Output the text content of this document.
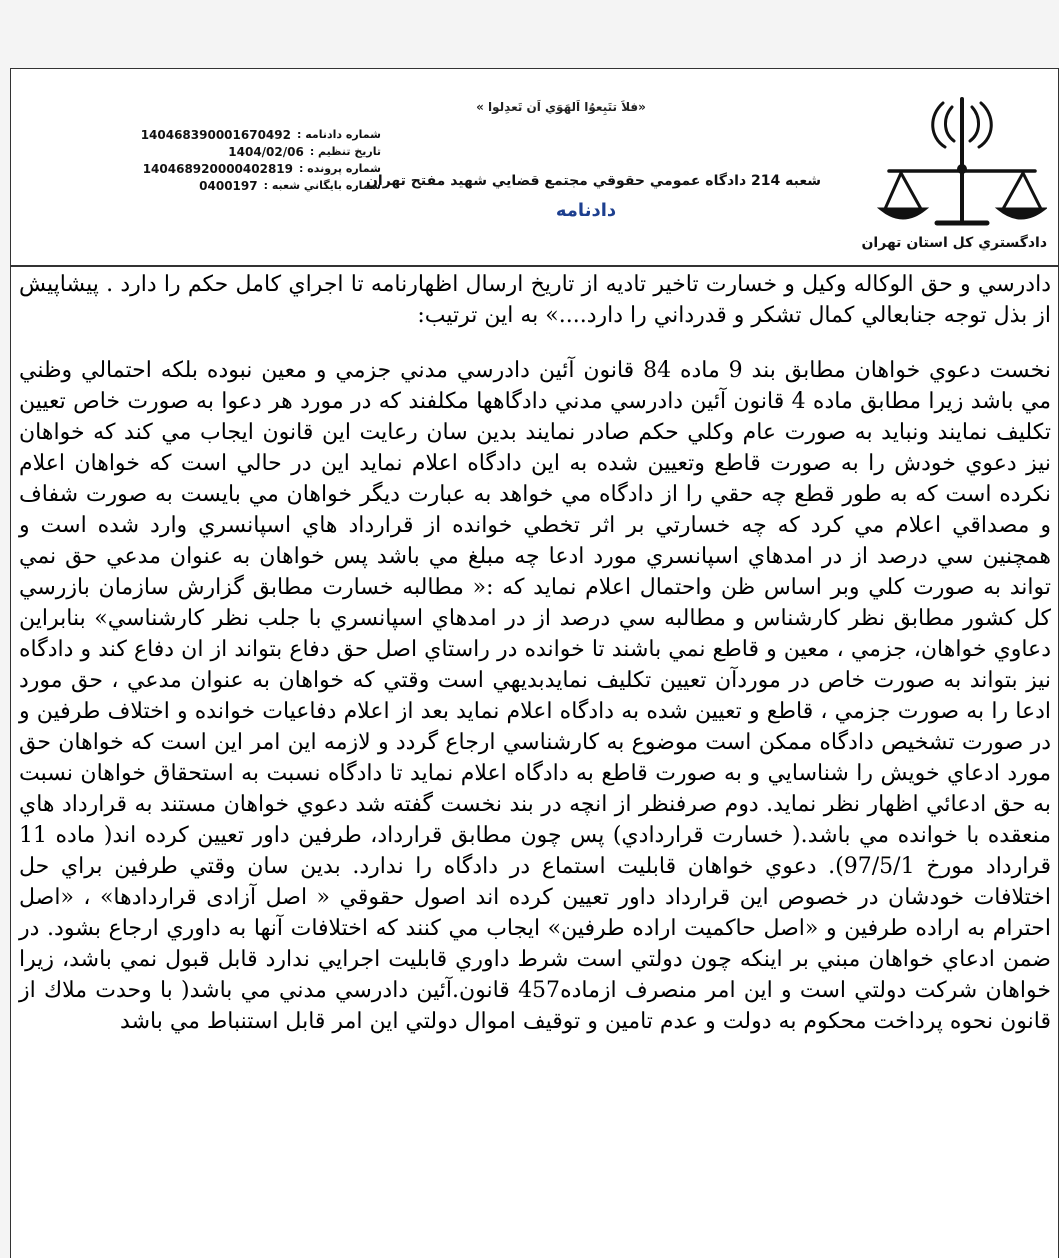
دادگستري کل استان تهران
«فلاَ تتَبِعوُا اَلهَوَي اَن تَعدِلوا »
شعبه 214 دادگاه عمومي حقوقي مجتمع قضايي شهيد مفتح تهران
دادنامه
شماره دادنامه :
140468390001670492
تاريخ تنظيم :
1404/02/06
شماره پرونده :
140468920000402819
شماره بايگاني شعبه :
0400197

دادرسي و حق الوكاله وكيل و خسارت تاخير تاديه از تاريخ ارسال اظهارنامه تا اجراي كامل حكم را دارد . پيشاپيش از بذل توجه جنابعالي كمال تشكر و قدرداني را دارد....» به اين ترتيب:

نخست دعوي خواهان مطابق بند 9 ماده 84 قانون آئين دادرسي مدني جزمي و معين نبوده بلكه احتمالي وظني مي باشد زيرا مطابق ماده 4 قانون آئين دادرسي مدني دادگاهها مكلفند كه در مورد هر دعوا به صورت خاص تعيين تكليف نمايند ونبايد به صورت عام وكلي حكم صادر نمايند بدين سان رعايت اين قانون ايجاب مي كند كه خواهان نيز دعوي خودش را به صورت قاطع وتعيين شده به اين دادگاه اعلام نمايد اين در حالي است كه خواهان اعلام نكرده است كه به طور قطع چه حقي را از دادگاه مي خواهد به عبارت ديگر خواهان مي بايست به صورت شفاف و مصداقي اعلام مي كرد كه چه خسارتي بر اثر تخطي خوانده از قرارداد هاي اسپانسري وارد شده است و همچنين سي درصد از در امدهاي اسپانسري مورد ادعا چه مبلغ مي باشد پس خواهان به عنوان مدعي حق نمي تواند به صورت كلي وبر اساس ظن واحتمال اعلام نمايد كه :« مطالبه خسارت مطابق گزارش سازمان بازرسي كل كشور مطابق نظر كارشناس و مطالبه سي درصد از در امدهاي اسپانسري با جلب نظر كارشناسي» بنابراين دعاوي خواهان، جزمي ، معين و قاطع نمي باشند تا خوانده در راستاي اصل حق دفاع بتواند از ان دفاع كند و دادگاه نيز بتواند به صورت خاص در موردآن تعيين تكليف نمايدبديهي است وقتي كه خواهان به عنوان مدعي ، حق مورد ادعا را به صورت جزمي ، قاطع و تعيين شده به دادگاه اعلام نمايد بعد از اعلام دفاعيات خوانده و اختلاف طرفين و در صورت تشخيص دادگاه ممكن است موضوع به كارشناسي ارجاع گردد و لازمه اين امر اين است كه خواهان حق مورد ادعاي خويش را شناسايي و به صورت قاطع به دادگاه اعلام نمايد تا دادگاه نسبت به استحقاق خواهان نسبت به حق ادعائي اظهار نظر نمايد. دوم صرفنظر از انچه در بند نخست گفته شد دعوي خواهان مستند به قرارداد هاي منعقده با خوانده مي باشد.( خسارت قراردادي) پس چون مطابق قرارداد، طرفين داور تعيين كرده اند( ماده 11 قرارداد مورخ 97/5/1). دعوي خواهان قابليت استماع در دادگاه را ندارد. بدين سان وقتي طرفين براي حل اختلافات خودشان در خصوص اين قرارداد داور تعيين كرده اند اصول حقوقي « اصل آزادی قراردادها» ، «اصل احترام به اراده طرفين و «اصل حاكميت اراده طرفين» ايجاب مي كنند كه اختلافات آنها به داوري ارجاع بشود. در ضمن ادعاي خواهان مبني بر اينكه چون دولتي است شرط داوري قابليت اجرايي ندارد قابل قبول نمي باشد، زيرا خواهان شركت دولتي است و اين امر منصرف ازماده457 قانون.آئين دادرسي مدني مي باشد( با وحدت ملاك از قانون نحوه پرداخت محكوم به دولت و عدم تامين و توقيف اموال دولتي اين امر قابل استنباط مي باشد
